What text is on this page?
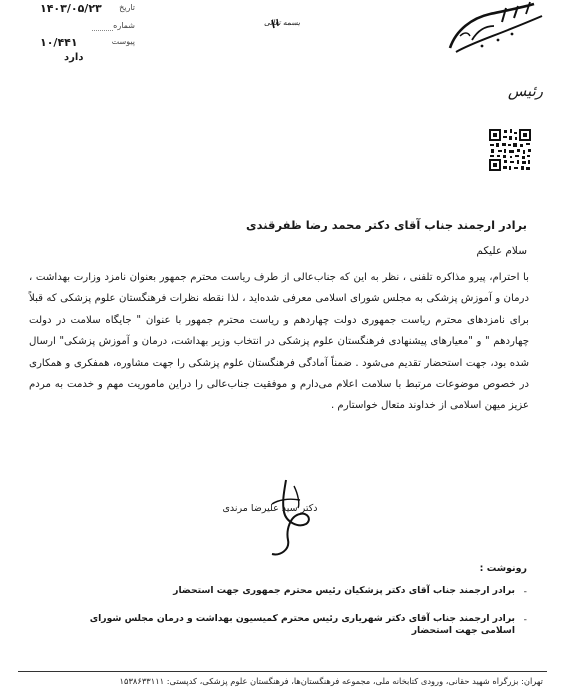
۱۴۰۳/۰۵/۲۳ تاریخ
شماره
۱۰/۴۴۱	پیوست
دارد
بسمه تعالی
رئیس
برادر ارجمند جناب آقای دکتر محمد رضا ظفرقندی
سلام علیکم

با احترام، پیرو مذاکره تلفنی ، نظر به این که جناب‌عالی از طرف ریاست محترم جمهور بعنوان نامزد وزارت بهداشت ، درمان و آموزش پزشکی به مجلس شورای اسلامی معرفی شده‌اید ، لذا نقطه نظرات فرهنگستان علوم پزشکی که قبلاً برای نامزدهای محترم ریاست جمهوری دولت چهاردهم و ریاست محترم جمهور با عنوان " جایگاه سلامت در دولت چهاردهم " و "معیارهای پیشنهادی فرهنگستان علوم پزشکی در انتخاب وزیر بهداشت، درمان و آموزش پزشکی" ارسال شده بود، جهت استحضار تقدیم می‌شود . ضمناً آمادگی فرهنگستان علوم پزشکی را جهت مشاوره، همفکری و همکاری در خصوص موضوعات مرتبط با سلامت اعلام می‌دارم و موفقیت جناب‌عالی را دراین ماموریت مهم و خدمت به مردم عزیز میهن اسلامی از خداوند متعال خواستارم .

دکتر سید علیرضا مرندی
رونوشت :
-
برادر ارجمند جناب آقای دکتر پزشکیان رئیس محترم جمهوری جهت استحضار
-
برادر ارجمند جناب آقای دکتر شهریاری رئیس محترم کمیسیون بهداشت و درمان مجلس شورای اسلامی جهت استحضار
تهران: بزرگراه شهید حقانی، ورودی کتابخانه ملی، مجموعه فرهنگستان‌ها، فرهنگستان علوم پزشکی، کدپستی: ۱۵۳۸۶۳۳۱۱۱
